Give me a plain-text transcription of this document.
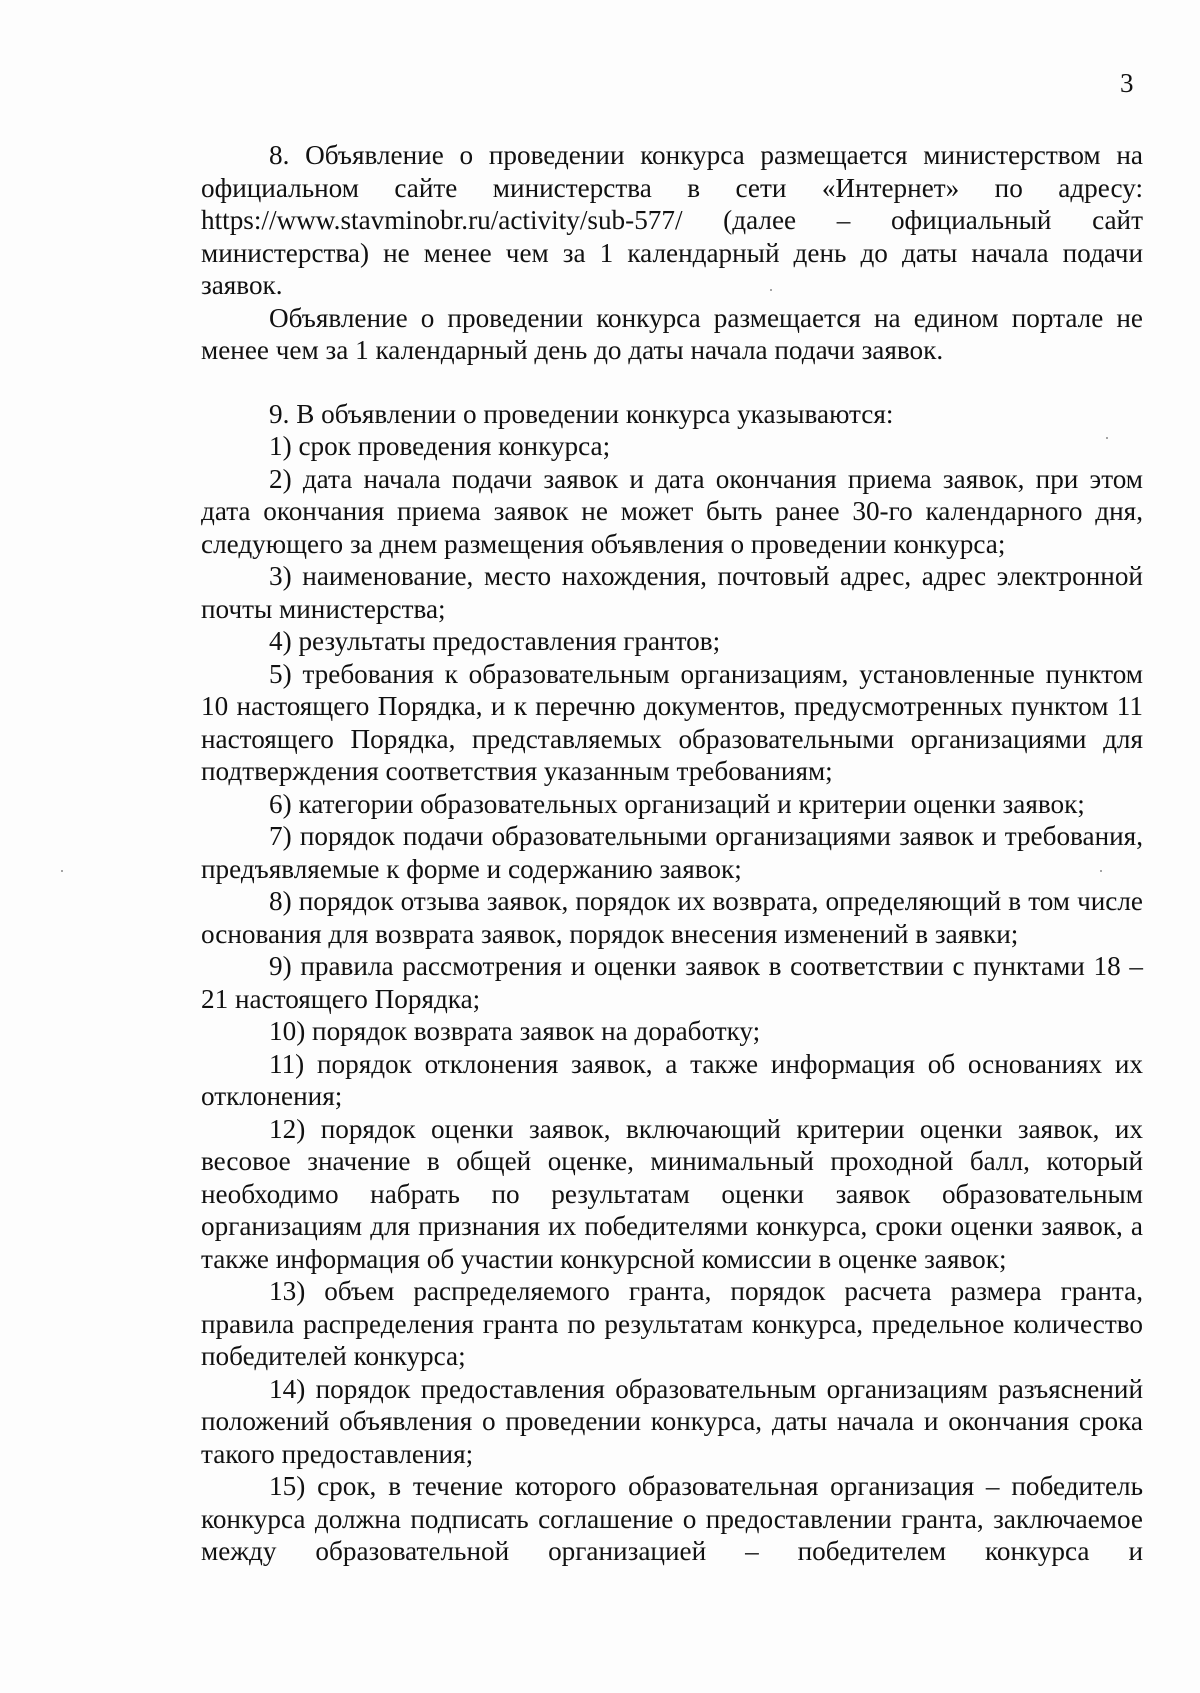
3

8. Объявление о проведении конкурса размещается министерством на официальном сайте министерства в сети «Интернет» по адресу: https://www.stavminobr.ru/activity/sub-577/ (далее – официальный сайт министерства) не менее чем за 1 календарный день до даты начала подачи заявок.

Объявление о проведении конкурса размещается на едином портале не менее чем за 1 календарный день до даты начала подачи заявок.

9. В объявлении о проведении конкурса указываются:

1) срок проведения конкурса;

2) дата начала подачи заявок и дата окончания приема заявок, при этом дата окончания приема заявок не может быть ранее 30-го календарного дня, следующего за днем размещения объявления о проведении конкурса;

3) наименование, место нахождения, почтовый адрес, адрес электронной почты министерства;

4) результаты предоставления грантов;

5) требования к образовательным организациям, установленные пунктом 10 настоящего Порядка, и к перечню документов, предусмотренных пунктом 11 настоящего Порядка, представляемых образовательными организациями для подтверждения соответствия указанным требованиям;

6) категории образовательных организаций и критерии оценки заявок;

7) порядок подачи образовательными организациями заявок и требования, предъявляемые к форме и содержанию заявок;

8) порядок отзыва заявок, порядок их возврата, определяющий в том числе основания для возврата заявок, порядок внесения изменений в заявки;

9) правила рассмотрения и оценки заявок в соответствии с пунктами 18 – 21 настоящего Порядка;

10) порядок возврата заявок на доработку;

11) порядок отклонения заявок, а также информация об основаниях их отклонения;

12) порядок оценки заявок, включающий критерии оценки заявок, их весовое значение в общей оценке, минимальный проходной балл, который необходимо набрать по результатам оценки заявок образовательным организациям для признания их победителями конкурса, сроки оценки заявок, а также информация об участии конкурсной комиссии в оценке заявок;

13) объем распределяемого гранта, порядок расчета размера гранта, правила распределения гранта по результатам конкурса, предельное количество победителей конкурса;

14) порядок предоставления образовательным организациям разъяснений положений объявления о проведении конкурса, даты начала и окончания срока такого предоставления;

15) срок, в течение которого образовательная организация – победитель конкурса должна подписать соглашение о предоставлении гранта, заключаемое между образовательной организацией – победителем конкурса и
